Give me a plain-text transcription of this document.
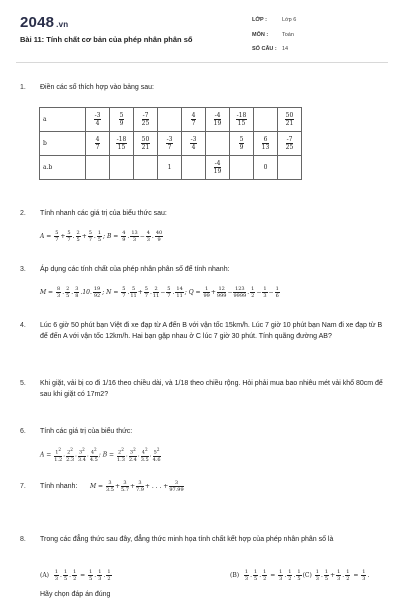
2048 .vn
Bài 11: Tính chất cơ bản của phép nhân phân số
LỚP :	Lớp 6
MÔN :	Toán
SỐ CÂU : 14
1. Điền các số thích hợp vào bảng sau:
a	$\frac{-3}{4}$	$\frac{5}{9}$	$\frac{-7}{25}$		$\frac{4}{7}$	$\frac{-4}{19}$	$\frac{-18}{15}$		$\frac{50}{21}$

b	$\frac{4}{7}$	$\frac{-18}{15}$	$\frac{50}{21}$	$\frac{-3}{7}$	$\frac{-3}{4}$		$\frac{5}{9}$	$\frac{6}{13}$	$\frac{-7}{25}$

a.b				1		$\frac{-4}{19}$		0	
2. Tính nhanh các giá trị của biểu thức sau:
$A = \frac{5}{7} + \frac{5}{7}$ . $\frac{2}{5} + \frac{5}{7}$ . $\frac{1}{5}$ ; $B = \frac{4}{9}$ . $\frac{13}{3} - \frac{4}{3}$ . $\frac{40}{9}$
3. Áp dụng các tính chất của phép nhân phân số để tính nhanh:
$M = \frac{8}{3}$ . $\frac{2}{5}$ . $\frac{3}{8} .10$. $\frac{19}{92}$ ; $N = \frac{5}{7}$ . $\frac{5}{11} + \frac{5}{7}$ . $\frac{2}{11} - \frac{5}{7}$ . $\frac{14}{11}$ ; $Q = \frac{1}{99} + \frac{12}{999} - \frac{123}{9999}$ . $\frac{1}{2} - \frac{1}{3} - \frac{1}{6}$
4. Lúc 6 giờ 50 phút bạn Việt đi xe đạp từ A đến B với vận tốc 15km/h. Lúc 7 giờ 10 phút bạn Nam đi xe đạp từ B để đến A với vận tốc 12km/h. Hai bạn gặp nhau ở C lúc 7 giờ 30 phút. Tính quãng đường AB?
5. Khi giặt, vải bị co đi 1/16 theo chiều dài, và 1/18 theo chiều rộng. Hỏi phải mua bao nhiêu mét vải khổ 80cm để sau khi giặt có 17m2?
6. Tính các giá trị của biểu thức:
$A = \frac{1^2}{1.2}$ . $\frac{2^2}{2.3}$ . $\frac{3^2}{3.4}$ . $\frac{4^2}{4.5}$ ; $B = \frac{2^2}{1.3}$ . $\frac{3^2}{2.4}$ . $\frac{4^2}{3.5}$ . $\frac{5^2}{4.6}$
7. Tính nhanh:	$M = \frac{3}{3.5} + \frac{3}{5.7} + \frac{3}{7.9}$ + . . . + $\frac{3}{97.99}$
8. Trong các đẳng thức sau đây, đẳng thức minh họa tính chất kết hợp của phép nhân phân số là
$(A) \frac{1}{3}$ . $\frac{1}{5}$ . $\frac{1}{2} = \frac{1}{5}$ . $\frac{1}{3}$ . $\frac{1}{2}$	$(B) \frac{1}{3}$ . $\frac{1}{5}$ . $\frac{1}{2} = \frac{1}{3}$ . $\frac{1}{2}$ . $\frac{1}{5} (C) \frac{1}{3}$ . $\frac{1}{5} + \frac{1}{3}$ . $\frac{1}{2} = \frac{1}{3}$ .
Hãy chọn đáp án đúng
